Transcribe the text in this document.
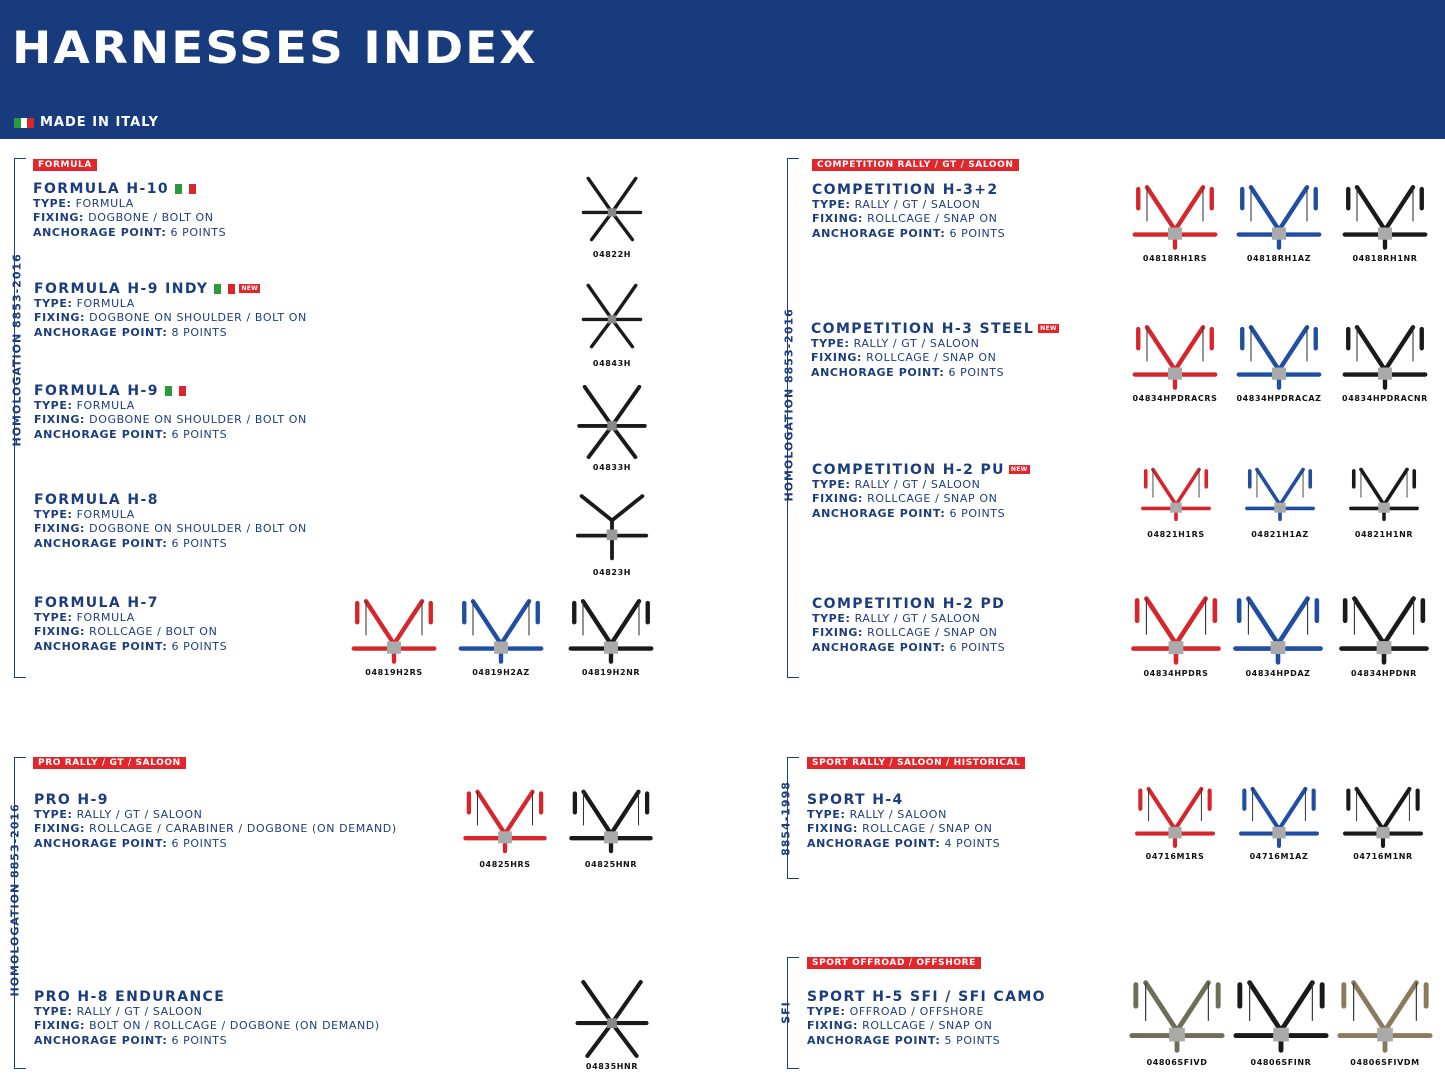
HARNESSES INDEX
MADE IN ITALY
HOMOLOGATION 8853-2016	HOMOLOGATION 8853-2016
HOMOLOGATION 8853-2016	8854-1998
SFI
FORMULA	COMPETITION RALLY / GT / SALOON
PRO RALLY / GT / SALOON	SPORT RALLY / SALOON / HISTORICAL
SPORT OFFROAD / OFFSHORE
FORMULA H-10
TYPE: FORMULA
FIXING: DOGBONE / BOLT ON
ANCHORAGE POINT: 6 POINTS
FORMULA H-9 INDY	NEW
TYPE: FORMULA
FIXING: DOGBONE ON SHOULDER / BOLT ON
ANCHORAGE POINT: 8 POINTS
FORMULA H-9
TYPE: FORMULA
FIXING: DOGBONE ON SHOULDER / BOLT ON
ANCHORAGE POINT: 6 POINTS
FORMULA H-8
TYPE: FORMULA
FIXING: DOGBONE ON SHOULDER / BOLT ON
ANCHORAGE POINT: 6 POINTS
FORMULA H-7
TYPE: FORMULA
FIXING: ROLLCAGE / BOLT ON
ANCHORAGE POINT: 6 POINTS
COMPETITION H-3+2
TYPE: RALLY / GT / SALOON
FIXING: ROLLCAGE / SNAP ON
ANCHORAGE POINT: 6 POINTS
COMPETITION H-3 STEEL	NEW
TYPE: RALLY / GT / SALOON
FIXING: ROLLCAGE / SNAP ON
ANCHORAGE POINT: 6 POINTS
COMPETITION H-2 PU	NEW
TYPE: RALLY / GT / SALOON
FIXING: ROLLCAGE / SNAP ON
ANCHORAGE POINT: 6 POINTS
COMPETITION H-2 PD
TYPE: RALLY / GT / SALOON
FIXING: ROLLCAGE / SNAP ON
ANCHORAGE POINT: 6 POINTS
PRO H-9
TYPE: RALLY / GT / SALOON
FIXING: ROLLCAGE / CARABINER / DOGBONE (ON DEMAND)
ANCHORAGE POINT: 6 POINTS
PRO H-8 ENDURANCE
TYPE: RALLY / GT / SALOON
FIXING: BOLT ON / ROLLCAGE / DOGBONE (ON DEMAND)
ANCHORAGE POINT: 6 POINTS
SPORT H-4
TYPE: RALLY / SALOON
FIXING: ROLLCAGE / SNAP ON
ANCHORAGE POINT: 4 POINTS
SPORT H-5 SFI / SFI CAMO
TYPE: OFFROAD / OFFSHORE
FIXING: ROLLCAGE / SNAP ON
ANCHORAGE POINT: 5 POINTS
04822H
04843H
04833H
04823H
04819H2RS	04819H2AZ	04819H2NR
04818RH1RS	04818RH1AZ	04818RH1NR
04834HPDRACRS	04834HPDRACAZ	04834HPDRACNR
04821H1RS	04821H1AZ	04821H1NR
04834HPDRS	04834HPDAZ	04834HPDNR
04825HRS	04825HNR
04835HNR
04716M1RS	04716M1AZ	04716M1NR
04806SFIVD	04806SFINR	04806SFIVDM
